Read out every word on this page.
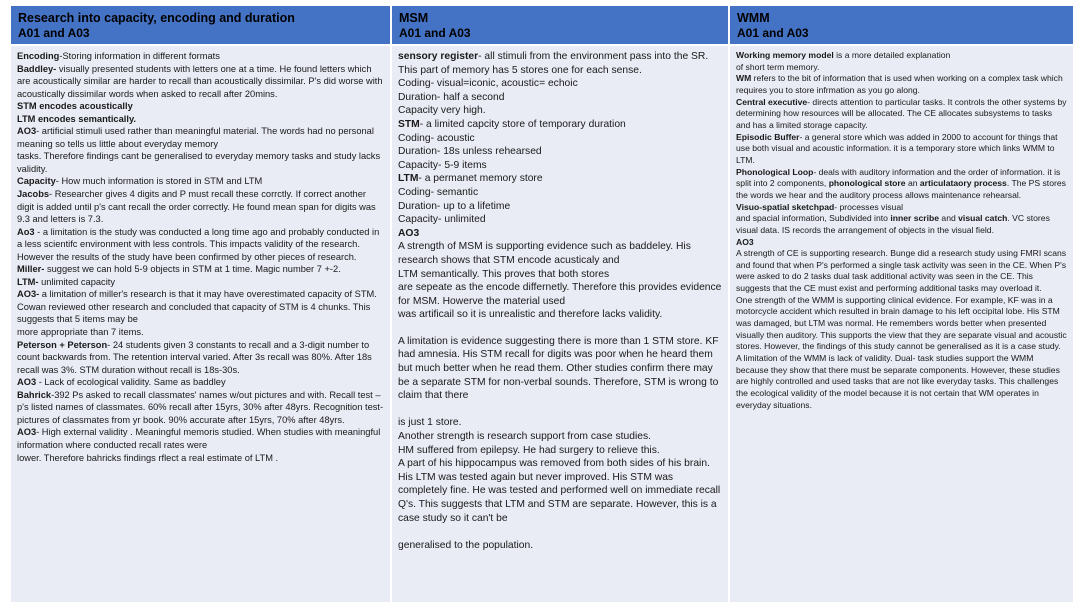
Research into capacity, encoding and duration
A01 and A03
MSM
A01 and A03
WMM
A01 and A03

Encoding-Storing information in different formats

Baddley- visually presented students with letters one at a time. He found letters which are acoustically similar are harder to recall than acoustically dissimilar. P's did worse with acoustically dissimilar words when asked to recall after 20mins.

STM encodes acoustically

LTM encodes semantically.

AO3- artificial stimuli used rather than meaningful material. The words had no personal meaning so tells us little about everyday memory
tasks. Therefore findings cant be generalised to everyday memory tasks and study lacks validity.

Capacity- How much information is stored in STM and LTM

Jacobs- Researcher gives 4 digits and P must recall these corrctly. If correct another digit is added until p's cant recall the order correctly. He found mean span for digits was 9.3 and letters is 7.3.

Ao3 - a limitation is the study was conducted a long time ago and probably conducted in a less scientifc environment with less controls. This impacts validity of the research. However the results of the study have been confirmed by other pieces of research.

Miller- suggest we can hold 5-9 objects in STM at 1 time. Magic number 7 +-2.

LTM- unlimited capacity

AO3- a limitation of miller's research is that it may have overestimated capacity of STM. Cowan reviewed other research and concluded that capacity of STM is 4 chunks. This suggests that 5 items may be
more appropriate than 7 items.

Peterson + Peterson- 24 students given 3 constants to recall and a 3-digit number to count backwards from. The retention interval varied. After 3s recall was 80%. After 18s recall was 3%. STM duration without recall is 18s-30s.

AO3 - Lack of ecological validity. Same as baddley

Bahrick-392 Ps asked to recall classmates' names w/out pictures and with. Recall test – p's listed names of classmates. 60% recall after 15yrs, 30% after 48yrs. Recognition test- pictures of classmates from yr book. 90% accurate after 15yrs, 70% after 48yrs.

AO3- High external validity . Meaningful memoris studied. When studies with meaningful information where conducted recall rates were
lower. Therefore bahricks findings rflect a real estimate of LTM .

sensory register- all stimuli from the environment pass into the SR. This part of memory has 5 stores one for each sense.

Coding- visual=iconic, acoustic= echoic

Duration- half a second

Capacity very high.

STM- a limited capcity store of temporary duration

Coding- acoustic

Duration- 18s unless rehearsed

Capacity- 5-9 items

LTM- a permanet memory store

Coding- semantic

Duration- up to a lifetime

Capacity- unlimited

AO3

A strength of MSM is supporting evidence such as baddeley. His research shows that STM encode acusticaly and
LTM semantically. This proves that both stores
are sepeate as the encode differnetly. Therefore this provides evidence for MSM. Howerve the material used
was artificail so it is unrealistic and therefore lacks validity.

A limitation is evidence suggesting there is more than 1 STM store. KF had amnesia. His STM recall for digits was poor when he heard them but much better when he read them. Other studies confirm there may be a separate STM for non-verbal sounds. Therefore, STM is wrong to claim that there

is just 1 store.

Another strength is research support from case studies.
HM suffered from epilepsy. He had surgery to relieve this.
A part of his hippocampus was removed from both sides of his brain. His LTM was tested again but never improved. His STM was completely fine. He was tested and performed well on immediate recall Q's. This suggests that LTM and STM are separate. However, this is a case study so it can't be

generalised to the population.

Working memory model is a more detailed explanation
of short term memory.

WM refers to the bit of information that is used when working on a complex task which requires you to store infrmation as you go along.

Central executive- directs attention to particular tasks. It controls the other systems by determining how resources will be allocated. The CE allocates subsystems to tasks and has a limited storage capacity.

Episodic Buffer- a general store which was added in 2000 to account for things that use both visual and acoustic information. it is a temporary store which links WMM to LTM.

Phonological Loop- deals with auditory information and the order of information. it is split into 2 components, phonological store an articulataory process. The PS stores the words we hear and the auditory process allows maintenance rehearsal.

Visuo-spatial sketchpad- processes visual
and spacial information, Subdivided into inner scribe and visual catch. VC stores visual data. IS records the arrangement of objects in the visual field.

AO3

A strength of CE is supporting research. Bunge did a research study using FMRI scans and found that when P's performed a single task activity was seen in the CE. When P's were asked to do 2 tasks dual task additional activity was seen in the CE. This suggests that the CE must exist and performing additional tasks may overload it.

One strength of the WMM is supporting clinical evidence. For example, KF was in a motorcycle accident which resulted in brain damage to his left occipital lobe. His STM was damaged, but LTM was normal. He remembers words better when presented visually then auditory. This supports the view that they are separate visual and acoustic stores. However, the findings of this study cannot be generalised as it is a case study.

A limitation of the WMM is lack of validity. Dual- task studies support the WMM because they show that there must be separate components. However, these studies are highly controlled and used tasks that are not like everyday tasks. This challenges the ecological validity of the model because it is not certain that WM operates in everyday situations.
